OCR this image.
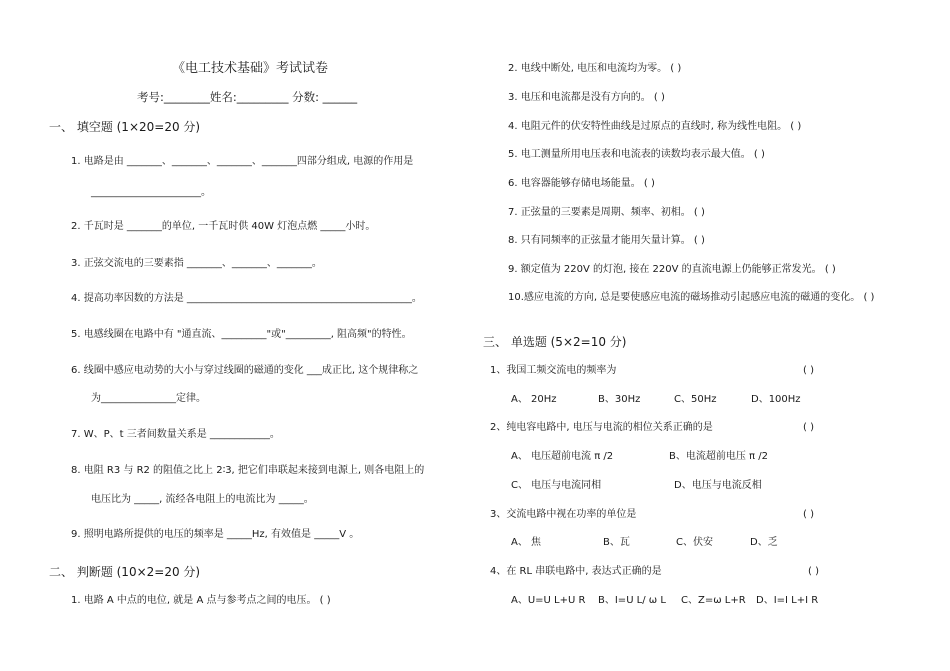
《电工技术基础》考试试卷
考号:________姓名:_________ 分数: ______
一、 填空题 (1×20=20 分)
1. 电路是由 _______、_______、_______、_______四部分组成, 电源的作用是
______________________。
2. 千瓦时是 _______的单位, 一千瓦时供 40W 灯泡点燃 _____小时。
3. 正弦交流电的三要素指 _______、_______、_______。
4. 提高功率因数的方法是 _____________________________________________。
5. 电感线圈在电路中有 "通直流、_________"或"_________, 阻高频"的特性。
6. 线圈中感应电动势的大小与穿过线圈的磁通的变化 ___成正比, 这个规律称之
为_______________定律。
7. W、P、t 三者间数量关系是 ____________。
8. 电阻 R3 与 R2 的阻值之比上 2∶3, 把它们串联起来接到电源上, 则各电阻上的
电压比为 _____, 流经各电阻上的电流比为 _____。
9. 照明电路所提供的电压的频率是 _____Hz, 有效值是 _____V 。
二、 判断题 (10×2=20 分)
1. 电路 A 中点的电位, 就是 A 点与参考点之间的电压。 ( )
2. 电线中断处, 电压和电流均为零。 ( )
3. 电压和电流都是没有方向的。 ( )
4. 电阻元件的伏安特性曲线是过原点的直线时, 称为线性电阻。 ( )
5. 电工测量所用电压表和电流表的读数均表示最大值。 ( )
6. 电容器能够存储电场能量。 ( )
7. 正弦量的三要素是周期、频率、初相。 ( )
8. 只有同频率的正弦量才能用矢量计算。 ( )
9. 额定值为 220V 的灯泡, 接在 220V 的直流电源上仍能够正常发光。 ( )
10.感应电流的方向, 总是要使感应电流的磁场推动引起感应电流的磁通的变化。 ( )
三、 单选题 (5×2=10 分)
1、我国工频交流电的频率为	( )
A、 20Hz	B、30Hz	C、50Hz	D、100Hz
2、纯电容电路中, 电压与电流的相位关系正确的是	( )
A、 电压超前电流 π /2	B、电流超前电压 π /2
C、 电压与电流同相	D、电压与电流反相
3、交流电路中视在功率的单位是	( )
A、 焦	B、瓦	C、伏安	D、乏
4、在 RL 串联电路中, 表达式正确的是	( )
A、U=U L+U R B、I=U L/ ω L C、Z=ω L+R D、I=I L+I R
